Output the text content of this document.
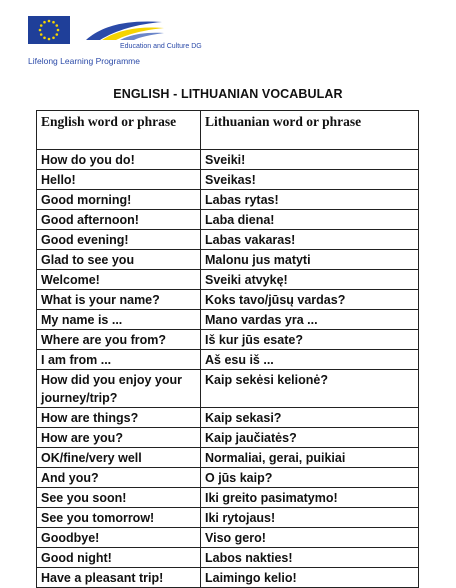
Education and Culture DG
Lifelong Learning Programme
ENGLISH - LITHUANIAN VOCABULAR
English word or phrase	Lithuanian word or phrase
How do you do!	Sveiki!
Hello!	Sveikas!
Good morning!	Labas rytas!
Good afternoon!	Laba diena!
Good evening!	Labas vakaras!
Glad to see you	Malonu jus matyti
Welcome!	Sveiki atvykę!
What is your name?	Koks tavo/jūsų vardas?
My name is ...	Mano vardas yra ...
Where are you from?	Iš kur jūs esate?
I am from ...	Aš esu iš ...
How did you enjoy your journey/trip?	Kaip sekėsi kelionė?
How are things?	Kaip sekasi?
How are you?	Kaip jaučiatės?
OK/fine/very well	Normaliai, gerai, puikiai
And you?	O jūs kaip?
See you soon!	Iki greito pasimatymo!
See you tomorrow!	Iki rytojaus!
Goodbye!	Viso gero!
Good night!	Labos nakties!
Have a pleasant trip!	Laimingo kelio!
